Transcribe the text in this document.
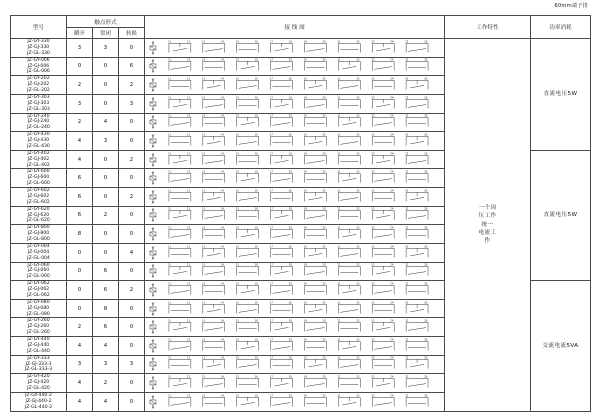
60mm端子排
型号	触点形式			接 线 图	工作特性	功率消耗
	瞬开	常闭	转换			

JZ-GY-330
JZ-GJ-330
JZ-GL-330
	3	3	0	
11	12	13	14	15	16	17	18	19	20	21	22	23	24	25	26

一个周
压工作
统一
电流工
作
	直流电压5W

JZ-GY-006
JZ-GJ-006
JZ-GL-006
	0	0	6	
11	12	13	14	15	16	17	18	19	20	21	22	23	24	25	26

JZ-GY-202
JZ-GJ-202
JZ-GL-202
	2	0	2	
11	12	13	14	15	16	17	18	19	20	21	22	23	24	25	26

JZ-GY-303
JZ-GJ-303
JZ-GL-303
	3	0	3	
11	12	13	14	15	16	17	18	19	20	21	22	23	24	25	26

JZ-GY-240
JZ-GJ-240
JZ-GL-240
	2	4	0	
11	12	13	14	15	16	17	18	19	20	21	22	23	24	25	26

JZ-GY-430
JZ-GJ-430
JZ-GL-430
	4	3	0	
11	12	13	14	15	16	17	18	19	20	21	22	23	24	25	26

JZ-GY-402
JZ-GJ-402
JZ-GL-402
	4	0	2	
11	12	13	14	15	16	17	18	19	20	21	22	23	24	25	26
	直流电压5W

JZ-GY-600
JZ-GJ-600
JZ-GL-600
	6	0	0	
11	12	13	14	15	16	17	18	19	20	21	22	23	24	25	26

JZ-GY-602
JZ-GJ-602
JZ-GL-602
	6	0	2	
11	12	13	14	15	16	17	18	19	20	21	22	23	24	25	26

JZ-GY-620
JZ-GJ-620
JZ-GL-620
	6	2	0	
11	12	13	14	15	16	17	18	19	20	21	22	23	24	25	26

JZ-GY-800
JZ-GJ-800
JZ-GL-800
	8	0	0	
11	12	13	14	15	16	17	18	19	20	21	22	23	24	25	26

JZ-GY-004
JZ-GJ-004
JZ-GL-004
	0	0	4	
11	12	13	14	15	16	17	18	19	20	21	22	23	24	25	26

JZ-GY-060
JZ-GJ-060
JZ-GL-060
	0	6	0	
11	12	13	14	15	16	17	18	19	20	21	22	23	24	25	26

JZ-GY-062
JZ-GJ-062
JZ-GL-062
	0	6	2	
11	12	13	14	15	16	17	18	19	20	21	22	23	24	25	26
	交流电流5VA

JZ-GY-080
JZ-GJ-080
JZ-GL-080
	0	8	0	
11	12	13	14	15	16	17	18	19	20	21	22	23	24	25	26

JZ-GY-260
JZ-GJ-260
JZ-GL-260
	2	6	0	
11	12	13	14	15	16	17	18	19	20	21	22	23	24	25	26

JZ-GY-440
JZ-GJ-440
JZ-GL-440
	4	4	0	
11	12	13	14	15	16	17	18	19	20	21	22	23	24	25	26

JZ-GY-333
JZ-GJ-333-3
JZ-GL-333-3
	3	3	3	
11	12	13	14	15	16	17	18	19	20	21	22	23	24	25	26

JZ-GY-420
JZ-GJ-420
JZ-GL-420
	4	2	0	
11	12	13	14	15	16	17	18	19	20	21	22	23	24	25	26

JZ-GY-440-2
JZ-GJ-440-2
JZ-GL-440-2
	4	4	0	
11	12	13	14	15	16	17	18	19	20	21	22	23	24	25	26
